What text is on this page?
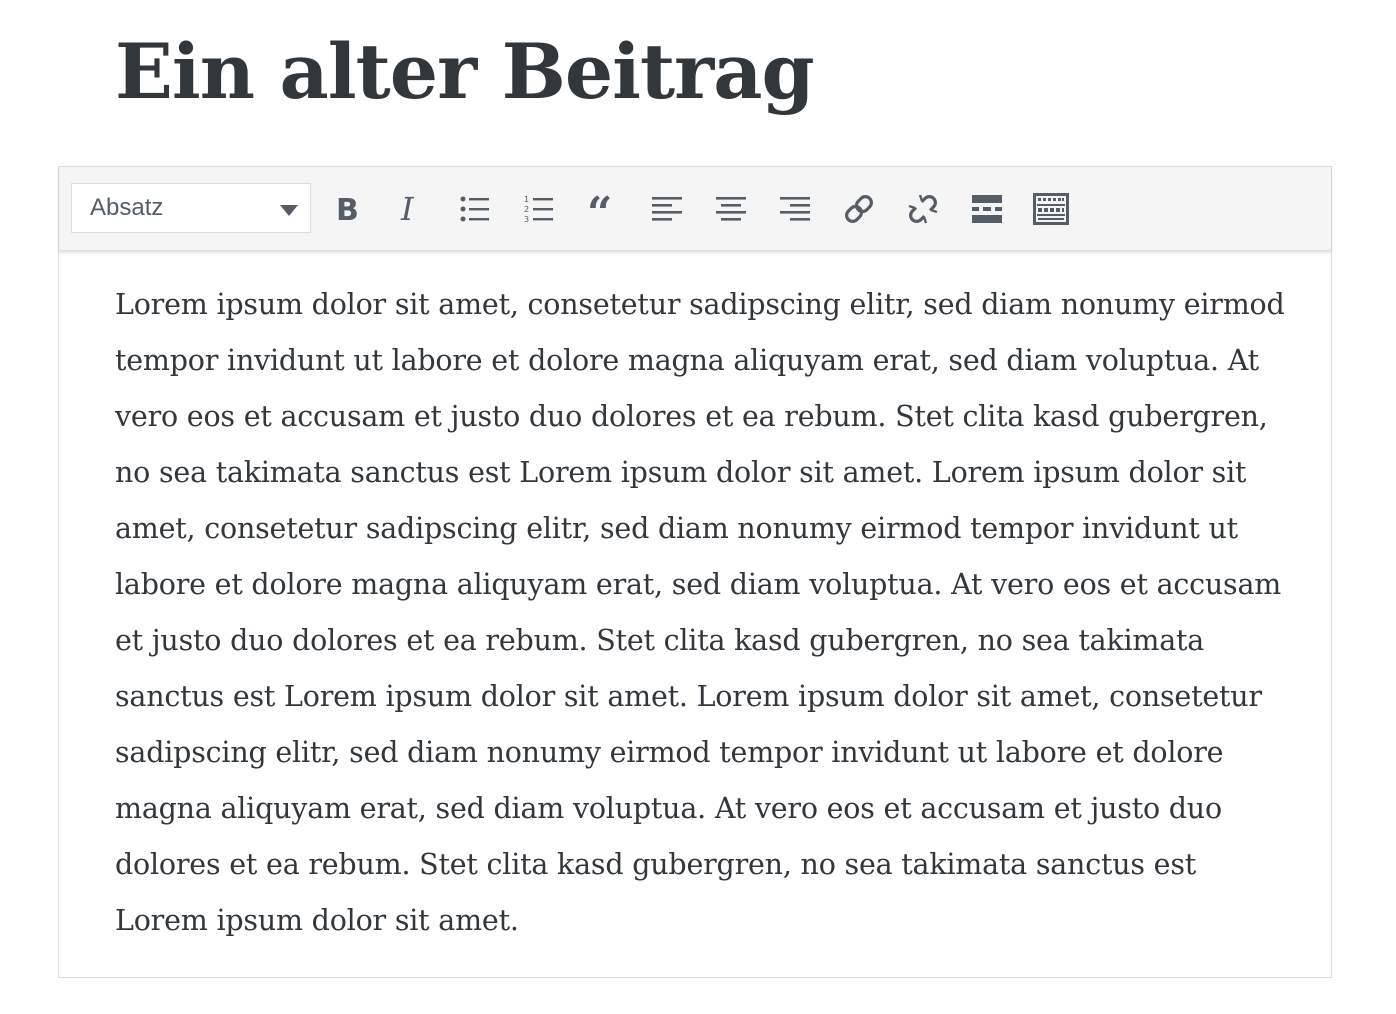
Ein alter Beitrag
Absatz	B I	1
2
3 “

Lorem ipsum dolor sit amet, consetetur sadipscing elitr, sed diam nonumy eirmod tempor invidunt ut labore et dolore magna aliquyam erat, sed diam voluptua. At vero eos et accusam et justo duo dolores et ea rebum. Stet clita kasd gubergren, no sea takimata sanctus est Lorem ipsum dolor sit amet. Lorem ipsum dolor sit amet, consetetur sadipscing elitr, sed diam nonumy eirmod tempor invidunt ut labore et dolore magna aliquyam erat, sed diam voluptua. At vero eos et accusam et justo duo dolores et ea rebum. Stet clita kasd gubergren, no sea takimata sanctus est Lorem ipsum dolor sit amet. Lorem ipsum dolor sit amet, consetetur sadipscing elitr, sed diam nonumy eirmod tempor invidunt ut labore et dolore magna aliquyam erat, sed diam voluptua. At vero eos et accusam et justo duo dolores et ea rebum. Stet clita kasd gubergren, no sea takimata sanctus est Lorem ipsum dolor sit amet.
